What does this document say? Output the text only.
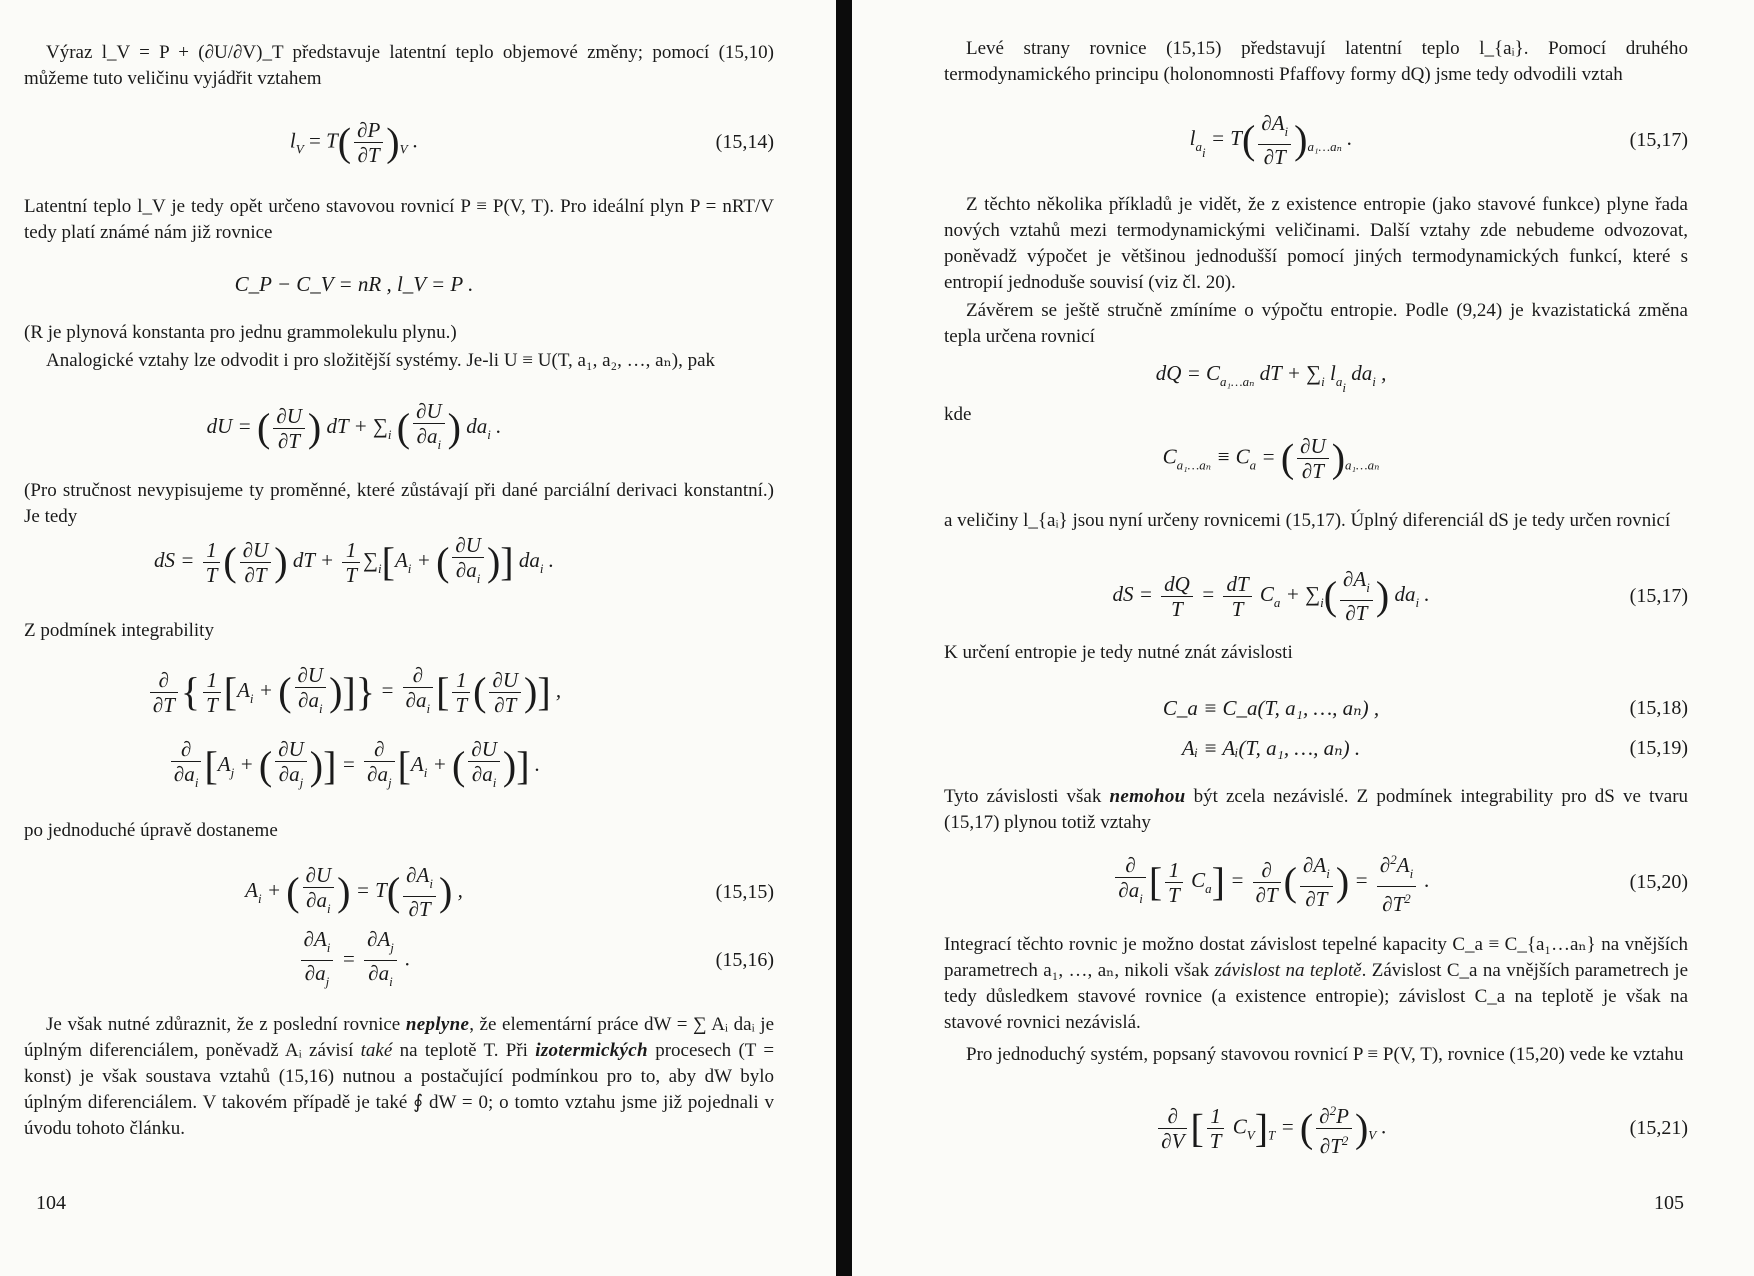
Výraz l_V = P + (∂U/∂V)_T představuje latentní teplo objemové změny; pomocí (15,10) můžeme tuto veličinu vyjádřit vztahem
$l_V = T( \frac{\partial P}{\partial T} )_V$ .	(15,14)
Latentní teplo l_V je tedy opět určeno stavovou rovnicí P ≡ P(V, T). Pro ideální plyn P = nRT/V tedy platí známé nám již rovnice
C_P − C_V = nR , l_V = P .
(R je plynová konstanta pro jednu grammolekulu plynu.)
Analogické vztahy lze odvodit i pro složitější systémy. Je-li U ≡ U(T, a₁, a₂, …, aₙ), pak
dU = ( $\frac{\partial U}{\partial T}$ ) dT + $\sum_i$ ( $\frac{\partial U}{\partial a_i}$ ) $da_i$ .
(Pro stručnost nevypisujeme ty proměnné, které zůstávají při dané parciální derivaci konstantní.) Je tedy
dS = $\frac{1}{T}$ ( $\frac{\partial U}{\partial T}$ ) dT + $\frac{1}{T} \sum_i[A_i$ + ( $\frac{\partial U}{\partial a_i}$ )] $da_i$ .
Z podmínek integrability
$\frac{\partial}{\partial T}$ { $\frac{1}{T} [A_i$ + ( $\frac{\partial U}{\partial a_i}$ )]} = $\frac{\partial}{\partial a_i}$ [ $\frac{1}{T}$ ( $\frac{\partial U}{\partial T}$ )] ,
$\frac{\partial}{\partial a_i} [A_j$ + ( $\frac{\partial U}{\partial a_j}$ )] = $\frac{\partial}{\partial a_j} [A_i$ + ( $\frac{\partial U}{\partial a_i}$ )] .
po jednoduché úpravě dostaneme
$A_i$ + ( $\frac{\partial U}{\partial a_i}$ ) = $T( \frac{\partial A_i}{\partial T}$ ) ,	(15,15)
$\frac{\partial A_i}{\partial a_j} = \frac{\partial A_j}{\partial a_i}$ .	(15,16)
Je však nutné zdůraznit, že z poslední rovnice neplyne, že elementární práce dW = ∑ Aᵢ daᵢ je úplným diferenciálem, poněvadž Aᵢ závisí také na teplotě T. Při izotermických procesech (T = konst) je však soustava vztahů (15,16) nutnou a postačující podmínkou pro to, aby dW bylo úplným diferenciálem. V takovém případě je také ∮ dW = 0; o tomto vztahu jsme již pojednali v úvodu tohoto článku.
104
Levé strany rovnice (15,15) představují latentní teplo l_{aᵢ}. Pomocí druhého termodynamického principu (holonomnosti Pfaffovy formy dQ) jsme tedy odvodili vztah
$l_{ai} = T( \frac{\partial A_i}{\partial T} )_{a_1\dots a_n}$ .	(15,17)
Z těchto několika příkladů je vidět, že z existence entropie (jako stavové funkce) plyne řada nových vztahů mezi termodynamickými veličinami. Další vztahy zde nebudeme odvozovat, poněvadž výpočet je většinou jednodušší pomocí jiných termodynamických funkcí, které s entropií jednoduše souvisí (viz čl. 20).
Závěrem se ještě stručně zmíníme o výpočtu entropie. Podle (9,24) je kvazistatická změna tepla určena rovnicí
dQ = $C_{a_1\dots a_n}$ dT + $\sum_i$ $l_{ai}$ $da_i$ ,
kde
$C_{a_1\dots a_n} \equiv C_a$ = ( $\frac{\partial U}{\partial T} )_{a_1\dots a_n}$
a veličiny l_{aᵢ} jsou nyní určeny rovnicemi (15,17). Úplný diferenciál dS je tedy určen rovnicí
dS = $\frac{dQ}{T} = \frac{dT}{T} C_a + \sum_i( \frac{\partial A_i}{\partial T}$ ) $da_i$ .	(15,17)
K určení entropie je tedy nutné znát závislosti
C_a ≡ C_a(T, a₁, …, aₙ) ,	(15,18)
Aᵢ ≡ Aᵢ(T, a₁, …, aₙ) .	(15,19)
Tyto závislosti však nemohou být zcela nezávislé. Z podmínek integrability pro dS ve tvaru (15,17) plynou totiž vztahy
$\frac{\partial}{\partial a_i}$ [ $\frac{1}{T} C_a] = \frac{\partial}{\partial T}$ ( $\frac{\partial A_i}{\partial T}$ ) = $\frac{\partial^2A_i}{\partial T^2}$ .	(15,20)
Integrací těchto rovnic je možno dostat závislost tepelné kapacity C_a ≡ C_{a₁…aₙ} na vnějších parametrech a₁, …, aₙ, nikoli však závislost na teplotě. Závislost C_a na vnějších parametrech je tedy důsledkem stavové rovnice (a existence entropie); závislost C_a na teplotě je však na stavové rovnici nezávislá.
Pro jednoduchý systém, popsaný stavovou rovnicí P ≡ P(V, T), rovnice (15,20) vede ke vztahu
$\frac{\partial}{\partial V}$ [ $\frac{1}{T} C_V]_T$ = ( $\frac{\partial^2P}{\partial T^2} )_V$ .	(15,21)
105
